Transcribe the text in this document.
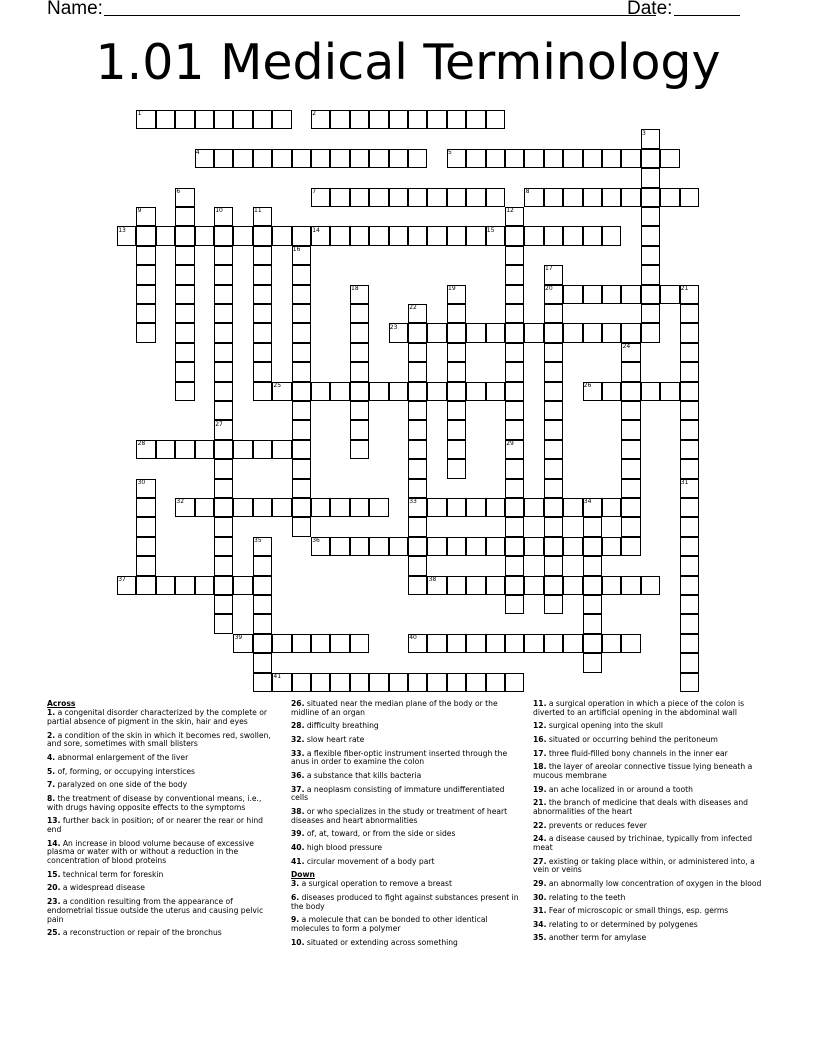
Name:	Date:
1.01 Medical Terminology
1	2
3
4	5
6	7	8
9	10	11	12
13	14	15
16
17
18	19	20	21
22
23
24
25	26
27
28	29
30	31
32	33	34
35	36
37	38
39	40
41
Across
1. a congenital disorder characterized by the complete or partial absence of pigment in the skin, hair and eyes
2. a condition of the skin in which it becomes red, swollen, and sore, sometimes with small blisters
4. abnormal enlargement of the liver
5. of, forming, or occupying interstices
7. paralyzed on one side of the body
8. the treatment of disease by conventional means, i.e., with drugs having opposite effects to the symptoms
13. further back in position; of or nearer the rear or hind end
14. An increase in blood volume because of excessive plasma or water with or without a reduction in the concentration of blood proteins
15. technical term for foreskin
20. a widespread disease
23. a condition resulting from the appearance of endometrial tissue outside the uterus and causing pelvic pain
25. a reconstruction or repair of the bronchus
26. situated near the median plane of the body or the midline of an organ
28. difficulty breathing
32. slow heart rate
33. a flexible fiber-optic instrument inserted through the anus in order to examine the colon
36. a substance that kills bacteria
37. a neoplasm consisting of immature undifferentiated cells
38. or who specializes in the study or treatment of heart diseases and heart abnormalities
39. of, at, toward, or from the side or sides
40. high blood pressure
41. circular movement of a body part
Down
3. a surgical operation to remove a breast
6. diseases produced to fight against substances present in the body
9. a molecule that can be bonded to other identical molecules to form a polymer
10. situated or extending across something
11. a surgical operation in which a piece of the colon is diverted to an artificial opening in the abdominal wall
12. surgical opening into the skull
16. situated or occurring behind the peritoneum
17. three fluid-filled bony channels in the inner ear
18. the layer of areolar connective tissue lying beneath a mucous membrane
19. an ache localized in or around a tooth
21. the branch of medicine that deals with diseases and abnormalities of the heart
22. prevents or reduces fever
24. a disease caused by trichinae, typically from infected meat
27. existing or taking place within, or administered into, a vein or veins
29. an abnormally low concentration of oxygen in the blood
30. relating to the teeth
31. Fear of microscopic or small things, esp. germs
34. relating to or determined by polygenes
35. another term for amylase
